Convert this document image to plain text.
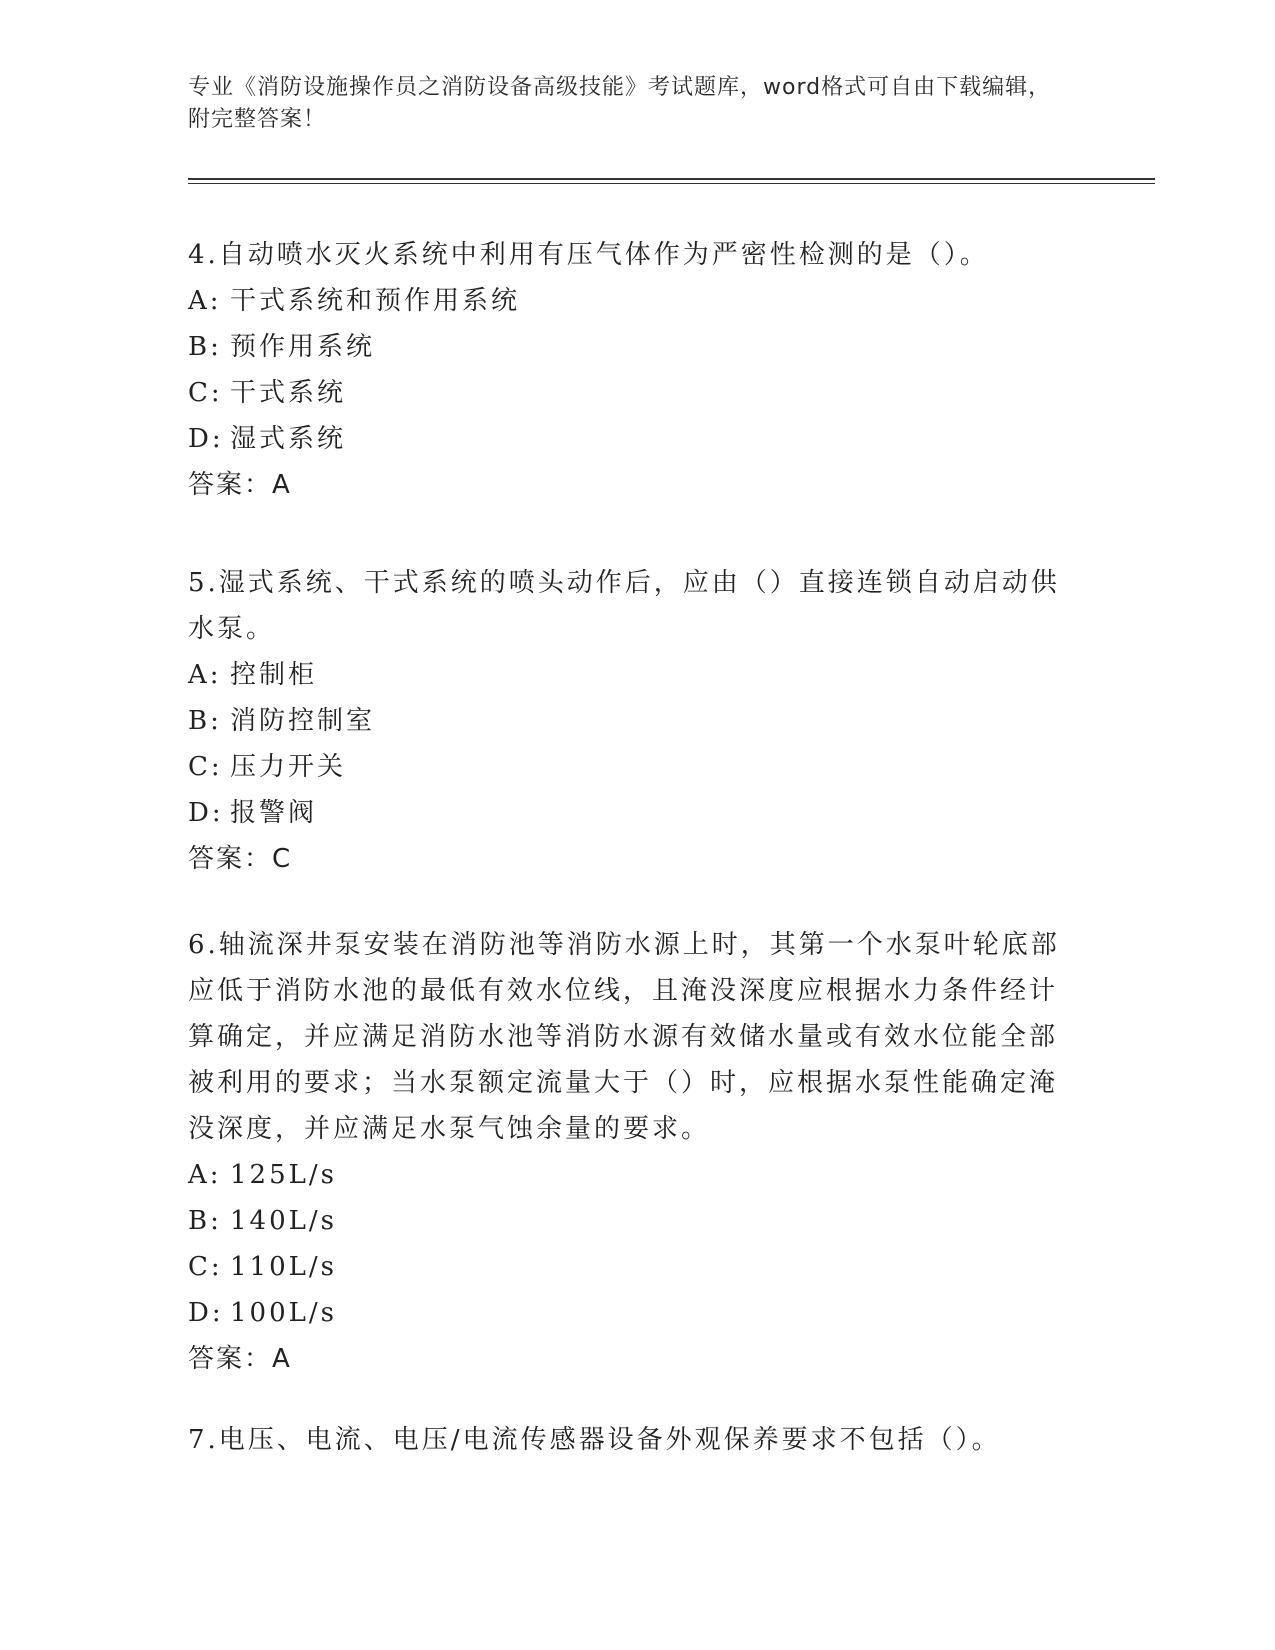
专业《消防设施操作员之消防设备高级技能》考试题库，word格式可自由下载编辑，附完整答案！
4.自动喷水灭火系统中利用有压气体作为严密性检测的是（）。
A: 干式系统和预作用系统
B: 预作用系统
C: 干式系统
D: 湿式系统
答案：A
5.湿式系统、干式系统的喷头动作后，应由（）直接连锁自动启动供水泵。
A: 控制柜
B: 消防控制室
C: 压力开关
D: 报警阀
答案：C
6.轴流深井泵安装在消防池等消防水源上时，其第一个水泵叶轮底部应低于消防水池的最低有效水位线，且淹没深度应根据水力条件经计算确定，并应满足消防水池等消防水源有效储水量或有效水位能全部被利用的要求；当水泵额定流量大于（）时，应根据水泵性能确定淹没深度，并应满足水泵气蚀余量的要求。
A: 125L/s
B: 140L/s
C: 110L/s
D: 100L/s
答案：A
7.电压、电流、电压/电流传感器设备外观保养要求不包括（）。
